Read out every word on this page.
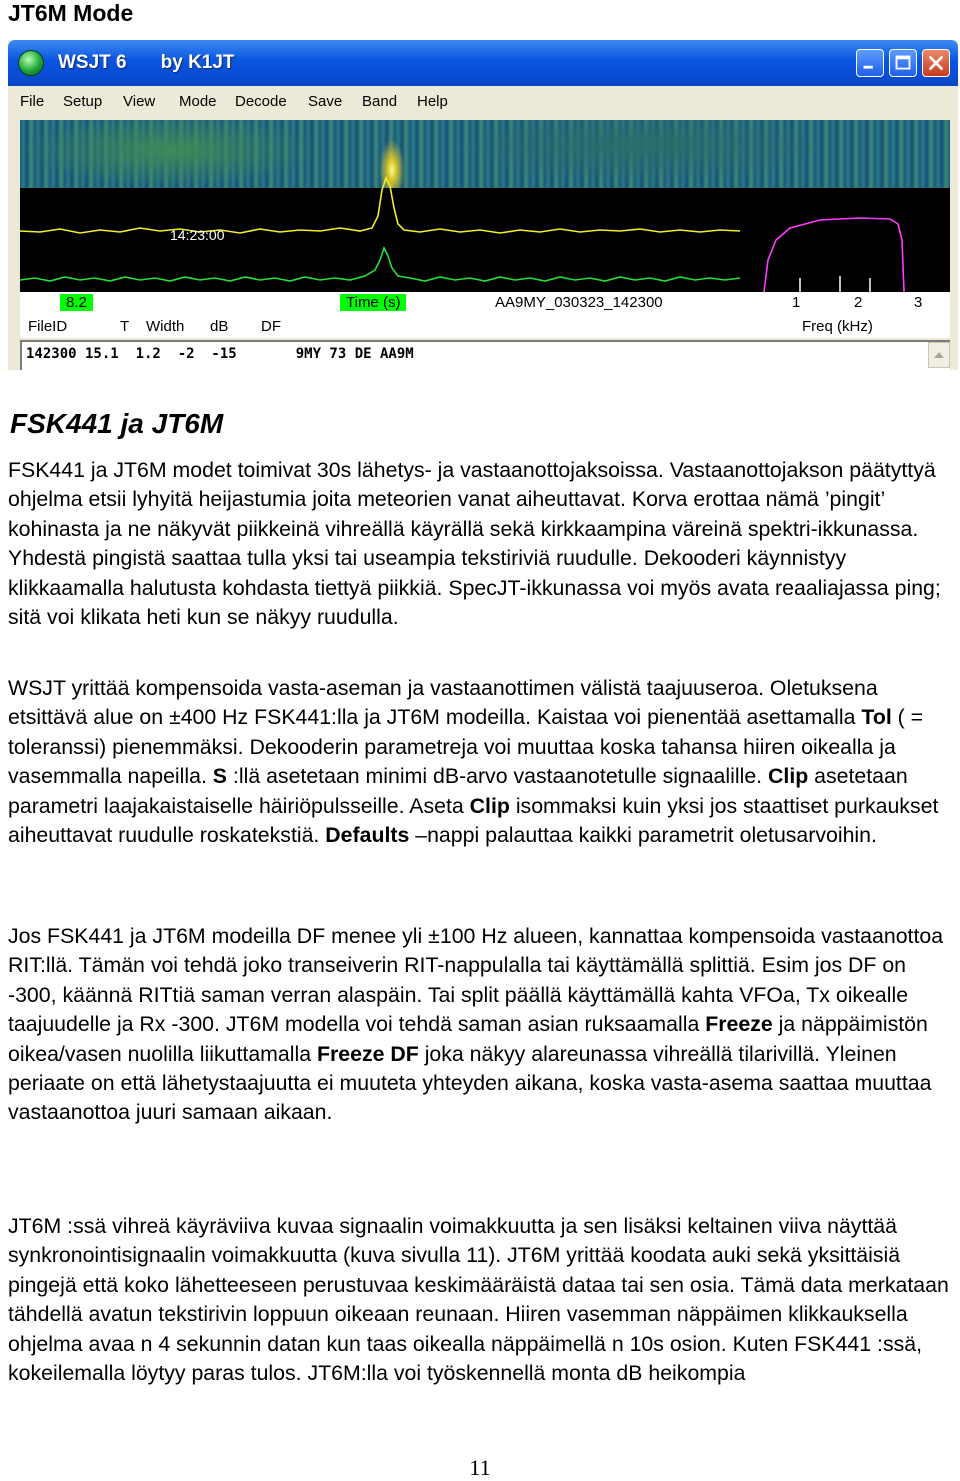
JT6M Mode
WSJT 6 by K1JT
File Setup View Mode Decode Save Band Help
14:23:00
8.2	Time (s)	AA9MY_030323_142300	1	2	3
FileID	T Width dB DF	Freq (kHz)
142300 15.1  1.2  -2  -15       9MY 73 DE AA9M
FSK441 ja JT6M
FSK441 ja JT6M modet toimivat 30s lähetys- ja vastaanottojaksoissa. Vastaanottojakson päätyttyä ohjelma etsii lyhyitä heijastumia joita meteorien vanat aiheuttavat. Korva erottaa nämä ’pingit’ kohinasta ja ne näkyvät piikkeinä vihreällä käyrällä sekä kirkkaampina väreinä spektri-ikkunassa. Yhdestä pingistä saattaa tulla yksi tai useampia tekstiriviä ruudulle. Dekooderi käynnistyy klikkaamalla halutusta kohdasta tiettyä piikkiä. SpecJT-ikkunassa voi myös avata reaaliajassa ping; sitä voi klikata heti kun se näkyy ruudulla.
WSJT yrittää kompensoida vasta-aseman ja vastaanottimen välistä taajuuseroa. Oletuksena etsittävä alue on ±400 Hz FSK441:lla ja JT6M modeilla. Kaistaa voi pienentää asettamalla Tol ( = toleranssi) pienemmäksi. Dekooderin parametreja voi muuttaa koska tahansa hiiren oikealla ja vasemmalla napeilla. S :llä asetetaan minimi dB-arvo vastaanotetulle signaalille. Clip asetetaan parametri laajakaistaiselle häiriöpulsseille. Aseta Clip isommaksi kuin yksi jos staattiset purkaukset aiheuttavat ruudulle roskatekstiä. Defaults –nappi palauttaa kaikki parametrit oletusarvoihin.
Jos FSK441 ja JT6M modeilla DF menee yli ±100 Hz alueen, kannattaa kompensoida vastaanottoa RIT:llä. Tämän voi tehdä joko transeiverin RIT-nappulalla tai käyttämällä splittiä. Esim jos DF on -300, käännä RITtiä saman verran alaspäin. Tai split päällä käyttämällä kahta VFOa, Tx oikealle taajuudelle ja Rx -300. JT6M modella voi tehdä saman asian ruksaamalla Freeze ja näppäimistön oikea/vasen nuolilla liikuttamalla Freeze DF joka näkyy alareunassa vihreällä tilarivillä. Yleinen periaate on että lähetystaajuutta ei muuteta yhteyden aikana, koska vasta-asema saattaa muuttaa vastaanottoa juuri samaan aikaan.
JT6M :ssä vihreä käyräviiva kuvaa signaalin voimakkuutta ja sen lisäksi keltainen viiva näyttää synkronointisignaalin voimakkuutta (kuva sivulla 11). JT6M yrittää koodata auki sekä yksittäisiä pingejä että koko lähetteeseen perustuvaa keskimääräistä dataa tai sen osia. Tämä data merkataan tähdellä avatun tekstirivin loppuun oikeaan reunaan. Hiiren vasemman näppäimen klikkauksella ohjelma avaa n 4 sekunnin datan kun taas oikealla näppäimellä n 10s osion. Kuten FSK441 :ssä, kokeilemalla löytyy paras tulos. JT6M:lla voi työskennellä monta dB heikompia
11
